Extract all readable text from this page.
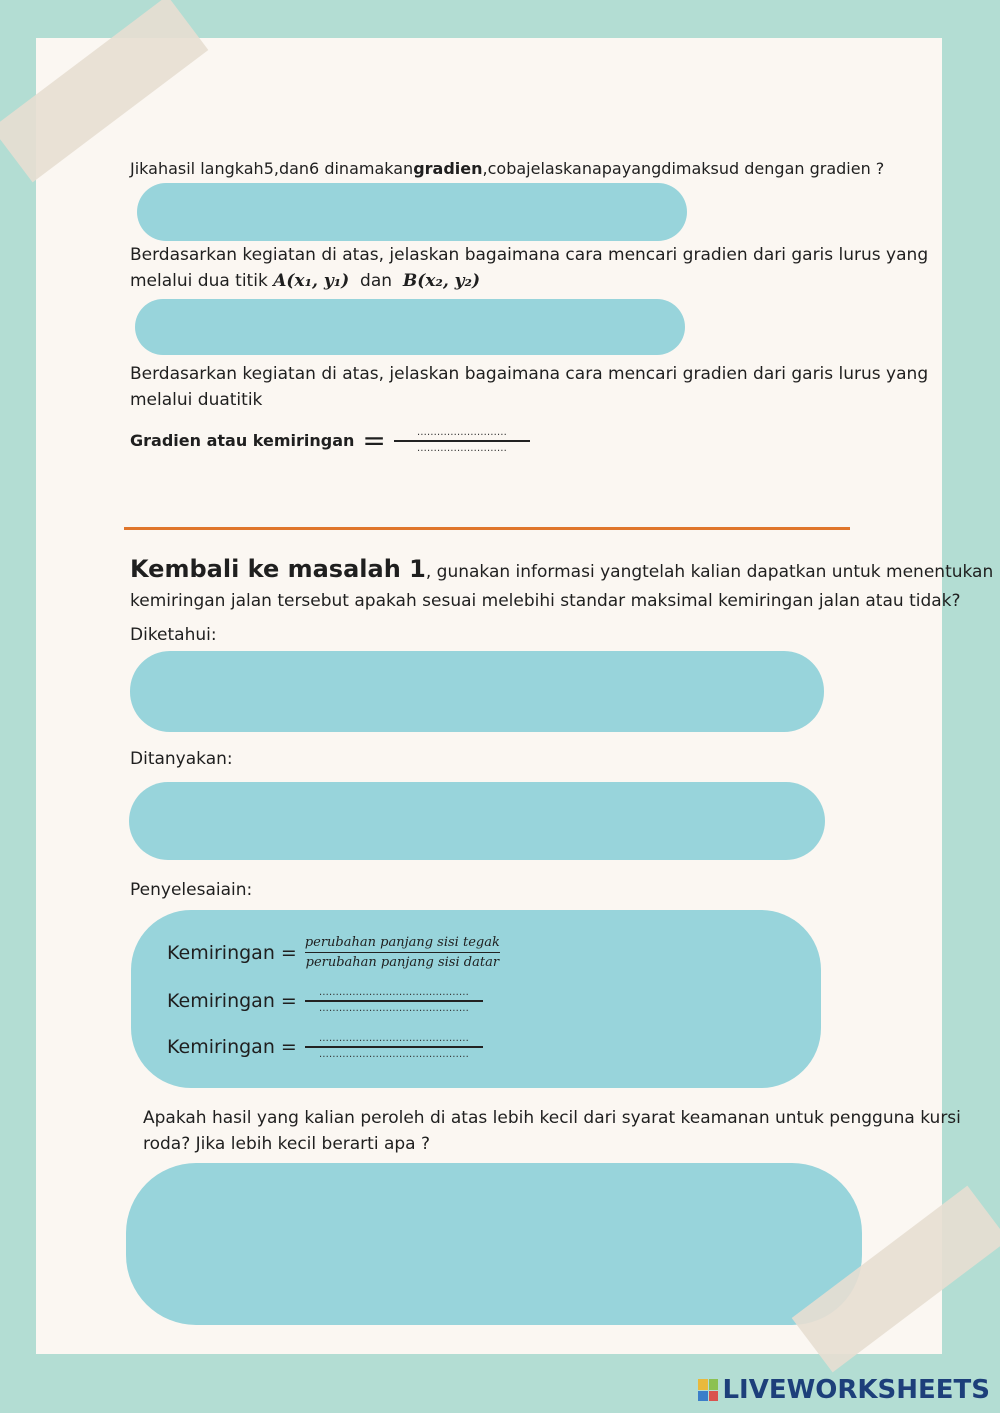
Jikahasil langkah5,dan6 dinamakangradien,cobajelaskanapayangdimaksud dengan gradien ?
Berdasarkan kegiatan di atas, jelaskan bagaimana cara mencari gradien dari garis lurus yang
melalui dua titik A(x₁, y₁) dan B(x₂, y₂)
Berdasarkan kegiatan di atas, jelaskan bagaimana cara mencari gradien dari garis lurus yang
melalui duatitik
Gradien atau kemiringan = $\frac{\dots\dots\dots\dots\dots\dots\dots\dots\dots}{\dots\dots\dots\dots\dots\dots\dots\dots\dots}$
Kembali ke masalah 1, gunakan informasi yangtelah kalian dapatkan untuk menentukan
kemiringan jalan tersebut apakah sesuai melebihi standar maksimal kemiringan jalan atau tidak?
Diketahui:
Ditanyakan:
Penyelesaiain:
Kemiringan = $\frac{\text{perubahan panjang sisi tegak}}{\text{perubahan panjang sisi datar}}$
Kemiringan = $\frac{\dots\dots\dots\dots\dots\dots\dots\dots\dots\dots\dots\dots\dots\dots\dots}{\dots\dots\dots\dots\dots\dots\dots\dots\dots\dots\dots\dots\dots\dots\dots}$
Kemiringan = $\frac{\dots\dots\dots\dots\dots\dots\dots\dots\dots\dots\dots\dots\dots\dots\dots}{\dots\dots\dots\dots\dots\dots\dots\dots\dots\dots\dots\dots\dots\dots\dots}$
Apakah hasil yang kalian peroleh di atas lebih kecil dari syarat keamanan untuk pengguna kursi
roda? Jika lebih kecil berarti apa ?
LIVEWORKSHEETS
